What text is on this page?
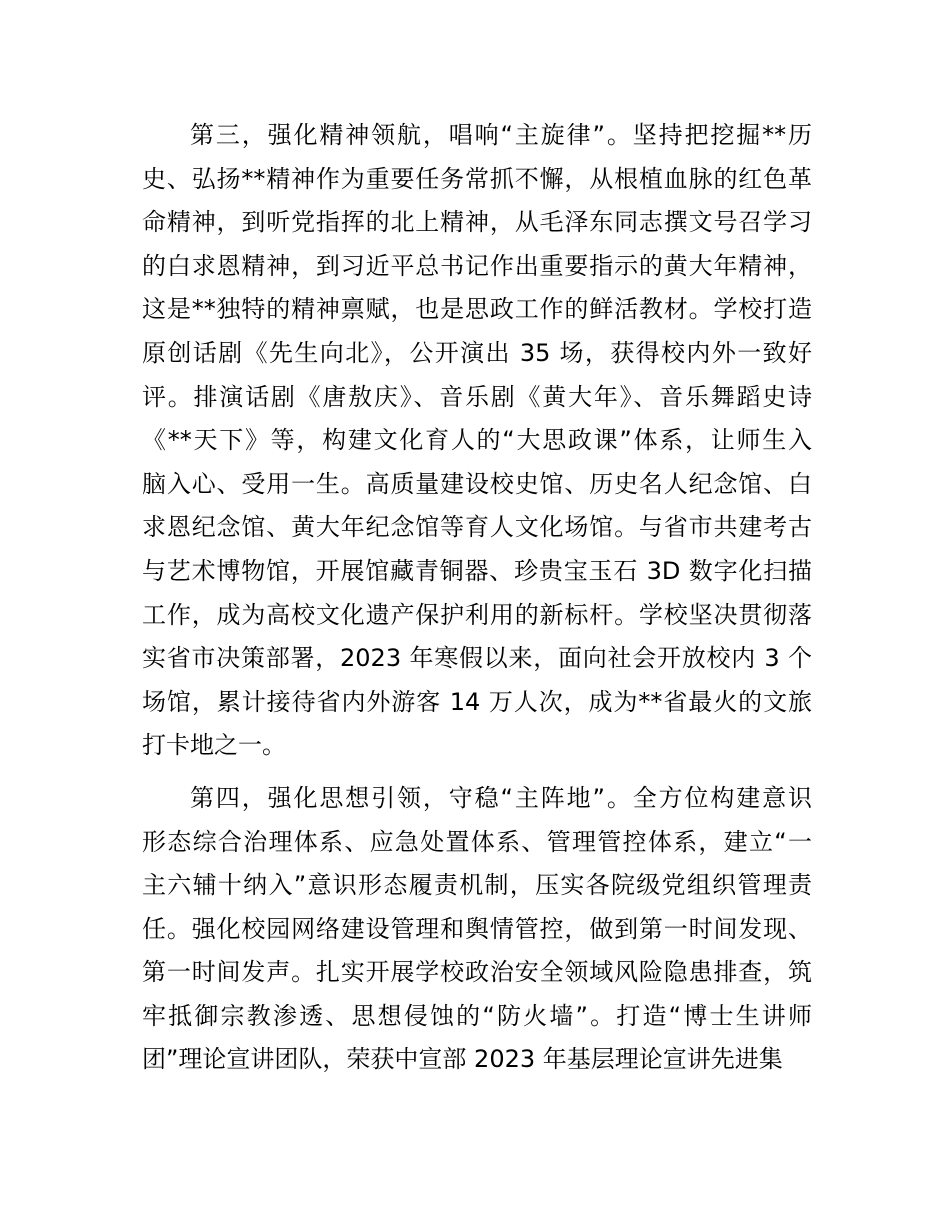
第三，强化精神领航，唱响“主旋律”。坚持把挖掘**历
史、弘扬**精神作为重要任务常抓不懈，从根植血脉的红色革
命精神，到听党指挥的北上精神，从毛泽东同志撰文号召学习
的白求恩精神，到习近平总书记作出重要指示的黄大年精神，
这是**独特的精神禀赋，也是思政工作的鲜活教材。学校打造
原创话剧《先生向北》，公开演出 35 场，获得校内外一致好
评。排演话剧《唐敖庆》、音乐剧《黄大年》、音乐舞蹈史诗
《**天下》等，构建文化育人的“大思政课”体系，让师生入
脑入心、受用一生。高质量建设校史馆、历史名人纪念馆、白
求恩纪念馆、黄大年纪念馆等育人文化场馆。与省市共建考古
与艺术博物馆，开展馆藏青铜器、珍贵宝玉石 3D 数字化扫描
工作，成为高校文化遗产保护利用的新标杆。学校坚决贯彻落
实省市决策部署，2023 年寒假以来，面向社会开放校内 3 个
场馆，累计接待省内外游客 14 万人次，成为**省最火的文旅
打卡地之一。
第四，强化思想引领，守稳“主阵地”。全方位构建意识
形态综合治理体系、应急处置体系、管理管控体系，建立“一
主六辅十纳入”意识形态履责机制，压实各院级党组织管理责
任。强化校园网络建设管理和舆情管控，做到第一时间发现、
第一时间发声。扎实开展学校政治安全领域风险隐患排查，筑
牢抵御宗教渗透、思想侵蚀的“防火墙”。打造“博士生讲师
团”理论宣讲团队，荣获中宣部 2023 年基层理论宣讲先进集
